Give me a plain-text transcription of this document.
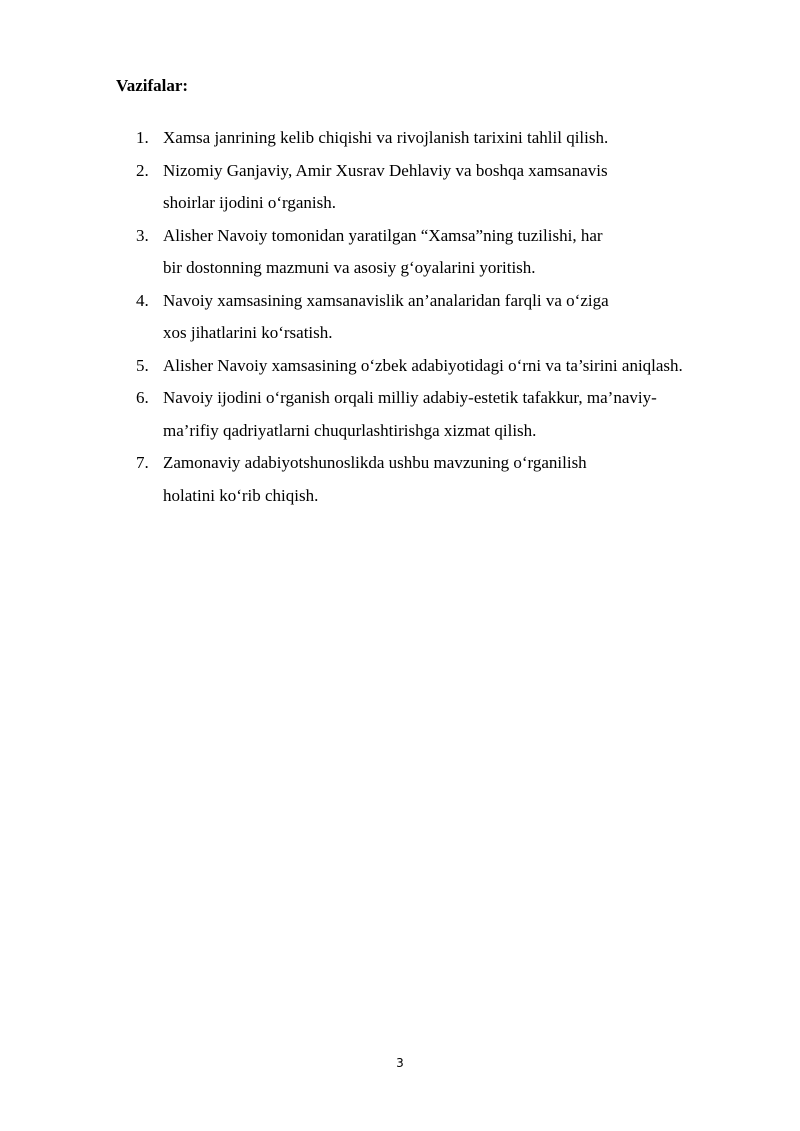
Vazifalar:

1. Xamsa janrining kelib chiqishi va rivojlanish tarixini tahlil qilish.
2. Nizomiy Ganjaviy, Amir Xusrav Dehlaviy va boshqa xamsanavis
shoirlar ijodini o‘rganish.
3. Alisher Navoiy tomonidan yaratilgan “Xamsa”ning tuzilishi, har
bir dostonning mazmuni va asosiy g‘oyalarini yoritish.
4. Navoiy xamsasining xamsanavislik an’analaridan farqli va o‘ziga
xos jihatlarini ko‘rsatish.
5. Alisher Navoiy xamsasining o‘zbek adabiyotidagi o‘rni va ta’sirini aniqlash.
6. Navoiy ijodini o‘rganish orqali milliy adabiy-estetik tafakkur, ma’naviy-
ma’rifiy qadriyatlarni chuqurlashtirishga xizmat qilish.
7. Zamonaviy adabiyotshunoslikda ushbu mavzuning o‘rganilish
holatini ko‘rib chiqish.
3
